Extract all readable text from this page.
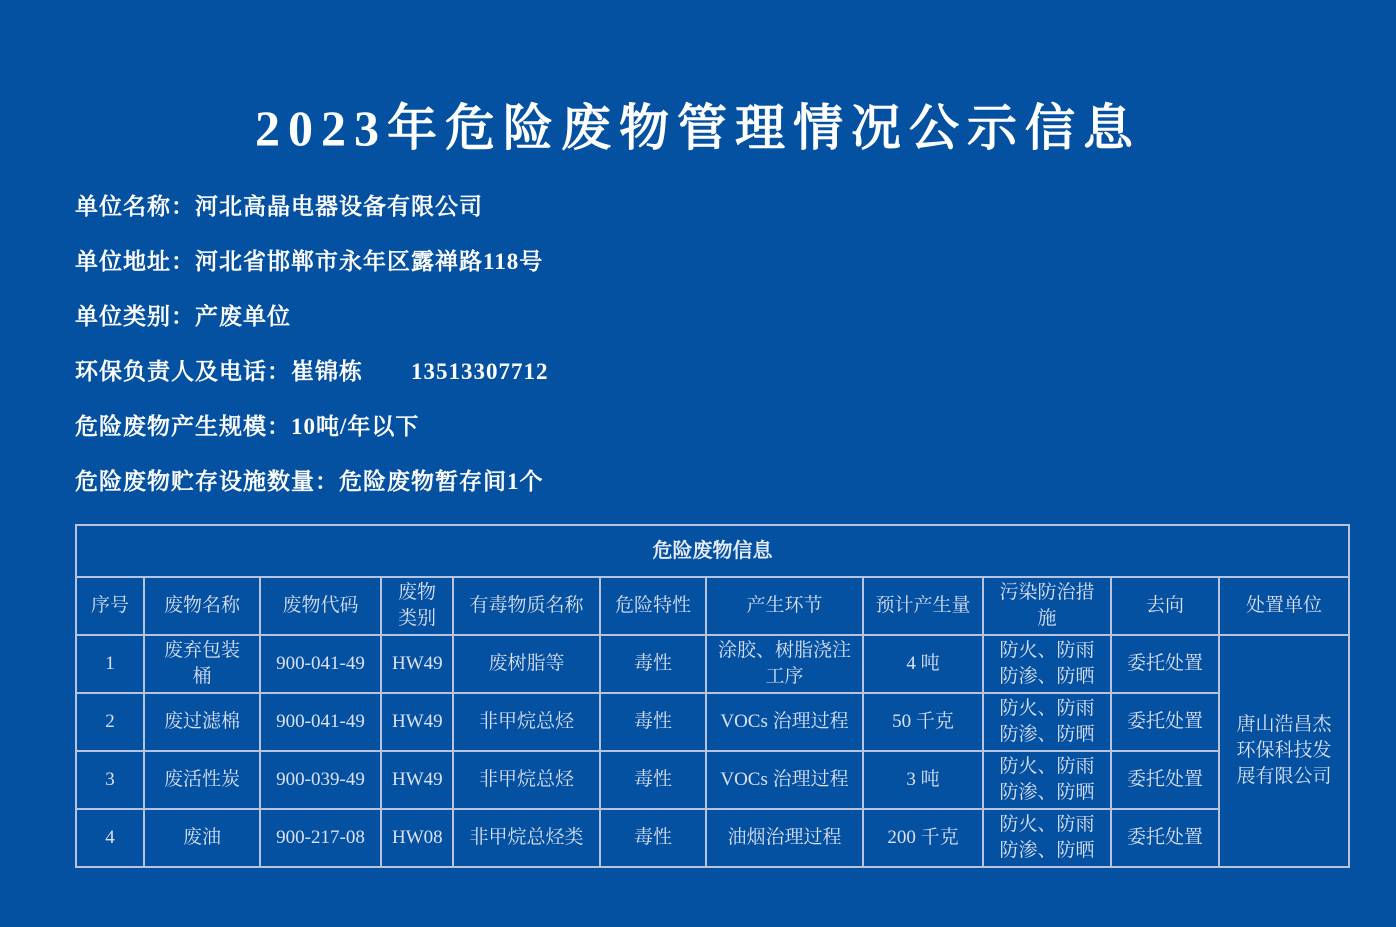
2023年危险废物管理情况公示信息
单位名称：河北高晶电器设备有限公司
单位地址：河北省邯郸市永年区露禅路118号
单位类别：产废单位
环保负责人及电话：崔锦栋 13513307712
危险废物产生规模：10吨/年以下
危险废物贮存设施数量：危险废物暂存间1个
危险废物信息										
序号	废物名称	废物代码	废物类别	有毒物质名称	危险特性	产生环节	预计产生量	污染防治措施	去向	处置单位
1	废弃包装桶	900-041-49	HW49	废树脂等	毒性	涂胶、树脂浇注工序	4 吨	防火、防雨防渗、防晒	委托处置	唐山浩昌杰环保科技发展有限公司
2	废过滤棉	900-041-49	HW49	非甲烷总烃	毒性	VOCs 治理过程	50 千克	防火、防雨防渗、防晒	委托处置	
3	废活性炭	900-039-49	HW49	非甲烷总烃	毒性	VOCs 治理过程	3 吨	防火、防雨防渗、防晒	委托处置	
4	废油	900-217-08	HW08	非甲烷总烃类	毒性	油烟治理过程	200 千克	防火、防雨防渗、防晒	委托处置	
